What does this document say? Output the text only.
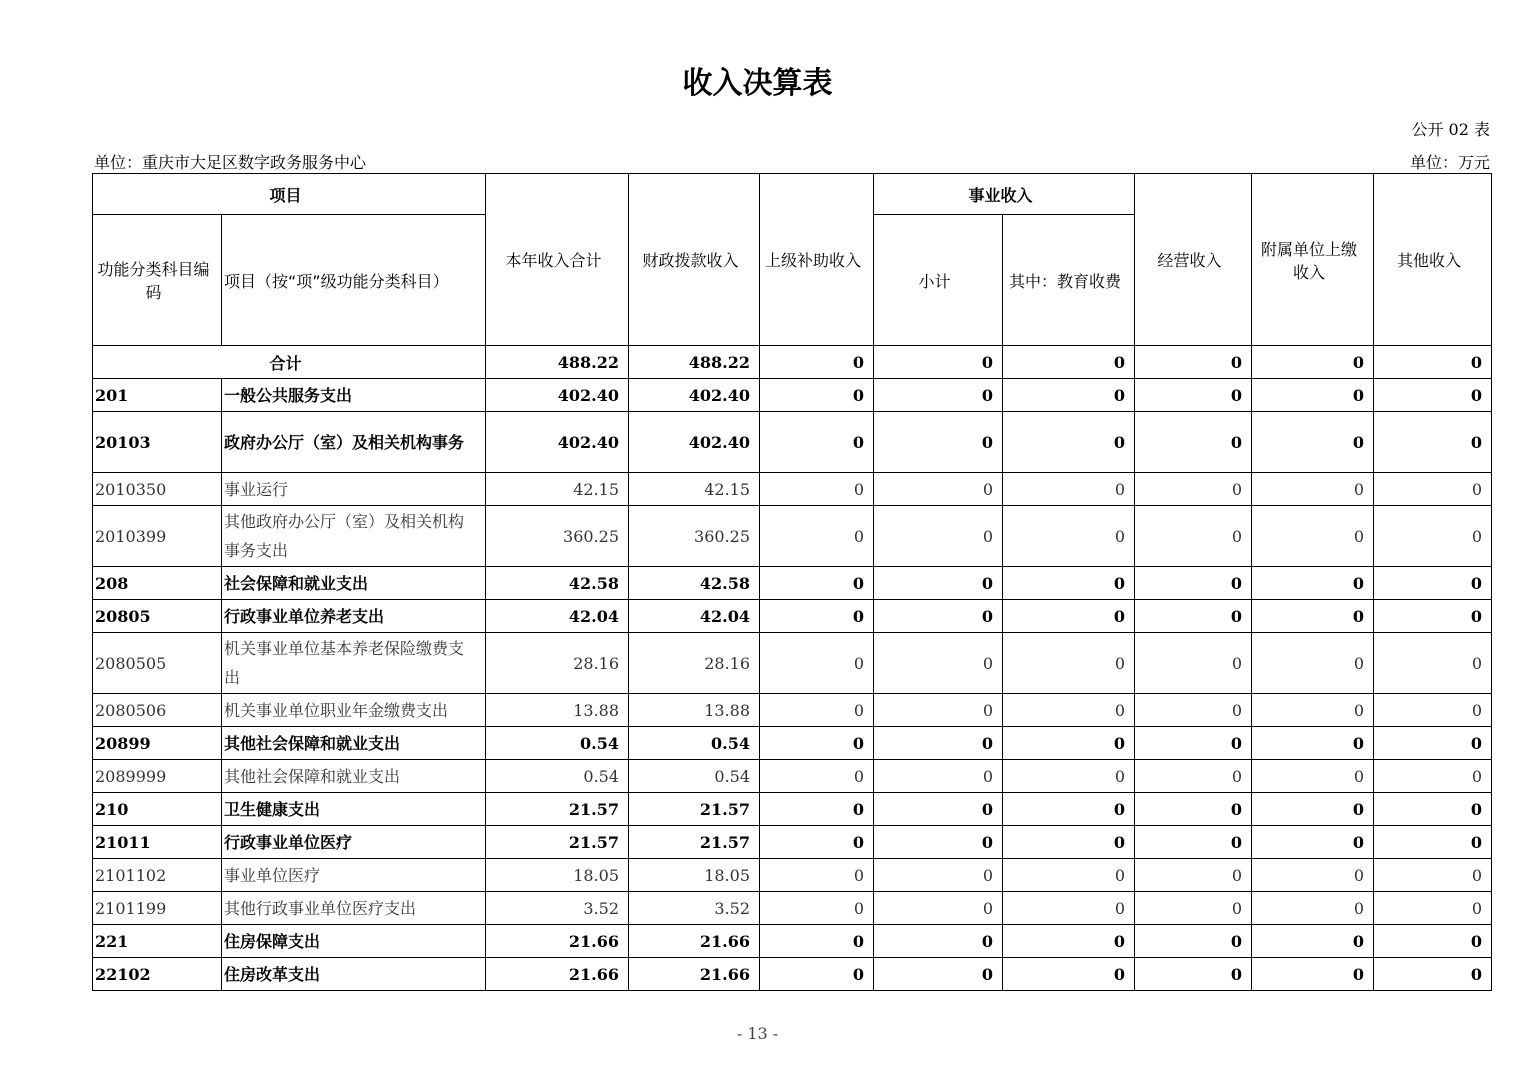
收入决算表
公开 02 表
单位：重庆市大足区数字政务服务中心	单位：万元
项目		本年收入合计	财政拨款收入	上级补助收入	事业收入		经营收入	附属单位上缴收入	其他收入
功能分类科目编码	项目（按“项”级功能分类科目）				小计	其中：教育收费			
合计		488.22	488.22	0	0	0	0	0	0
201	一般公共服务支出	402.40	402.40	0	0	0	0	0	0
20103	政府办公厅（室）及相关机构事务	402.40	402.40	0	0	0	0	0	0
2010350	事业运行	42.15	42.15	0	0	0	0	0	0
2010399	其他政府办公厅（室）及相关机构事务支出	360.25	360.25	0	0	0	0	0	0
208	社会保障和就业支出	42.58	42.58	0	0	0	0	0	0
20805	行政事业单位养老支出	42.04	42.04	0	0	0	0	0	0
2080505	机关事业单位基本养老保险缴费支出	28.16	28.16	0	0	0	0	0	0
2080506	机关事业单位职业年金缴费支出	13.88	13.88	0	0	0	0	0	0
20899	其他社会保障和就业支出	0.54	0.54	0	0	0	0	0	0
2089999	其他社会保障和就业支出	0.54	0.54	0	0	0	0	0	0
210	卫生健康支出	21.57	21.57	0	0	0	0	0	0
21011	行政事业单位医疗	21.57	21.57	0	0	0	0	0	0
2101102	事业单位医疗	18.05	18.05	0	0	0	0	0	0
2101199	其他行政事业单位医疗支出	3.52	3.52	0	0	0	0	0	0
221	住房保障支出	21.66	21.66	0	0	0	0	0	0
22102	住房改革支出	21.66	21.66	0	0	0	0	0	0
- 13 -
